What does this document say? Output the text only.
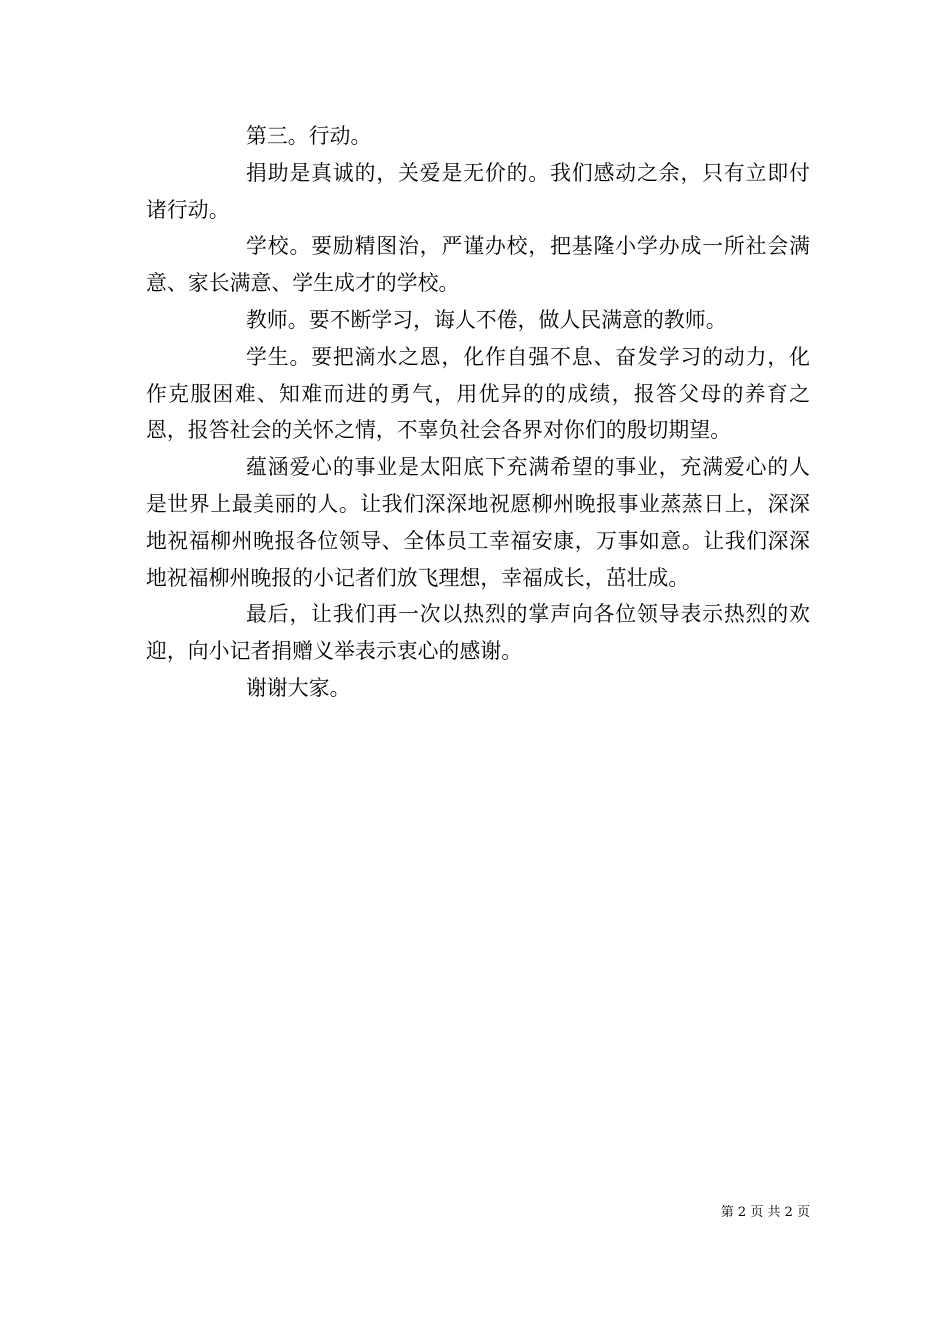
第三。行动。

捐助是真诚的，关爱是无价的。我们感动之余，只有立即付诸行动。

学校。要励精图治，严谨办校，把基隆小学办成一所社会满意、家长满意、学生成才的学校。

教师。要不断学习，诲人不倦，做人民满意的教师。

学生。要把滴水之恩，化作自强不息、奋发学习的动力，化作克服困难、知难而进的勇气，用优异的的成绩，报答父母的养育之恩，报答社会的关怀之情，不辜负社会各界对你们的殷切期望。

蕴涵爱心的事业是太阳底下充满希望的事业，充满爱心的人是世界上最美丽的人。让我们深深地祝愿柳州晚报事业蒸蒸日上，深深地祝福柳州晚报各位领导、全体员工幸福安康，万事如意。让我们深深地祝福柳州晚报的小记者们放飞理想，幸福成长，茁壮成。

最后，让我们再一次以热烈的掌声向各位领导表示热烈的欢迎，向小记者捐赠义举表示衷心的感谢。

谢谢大家。

第 2 页 共 2 页
